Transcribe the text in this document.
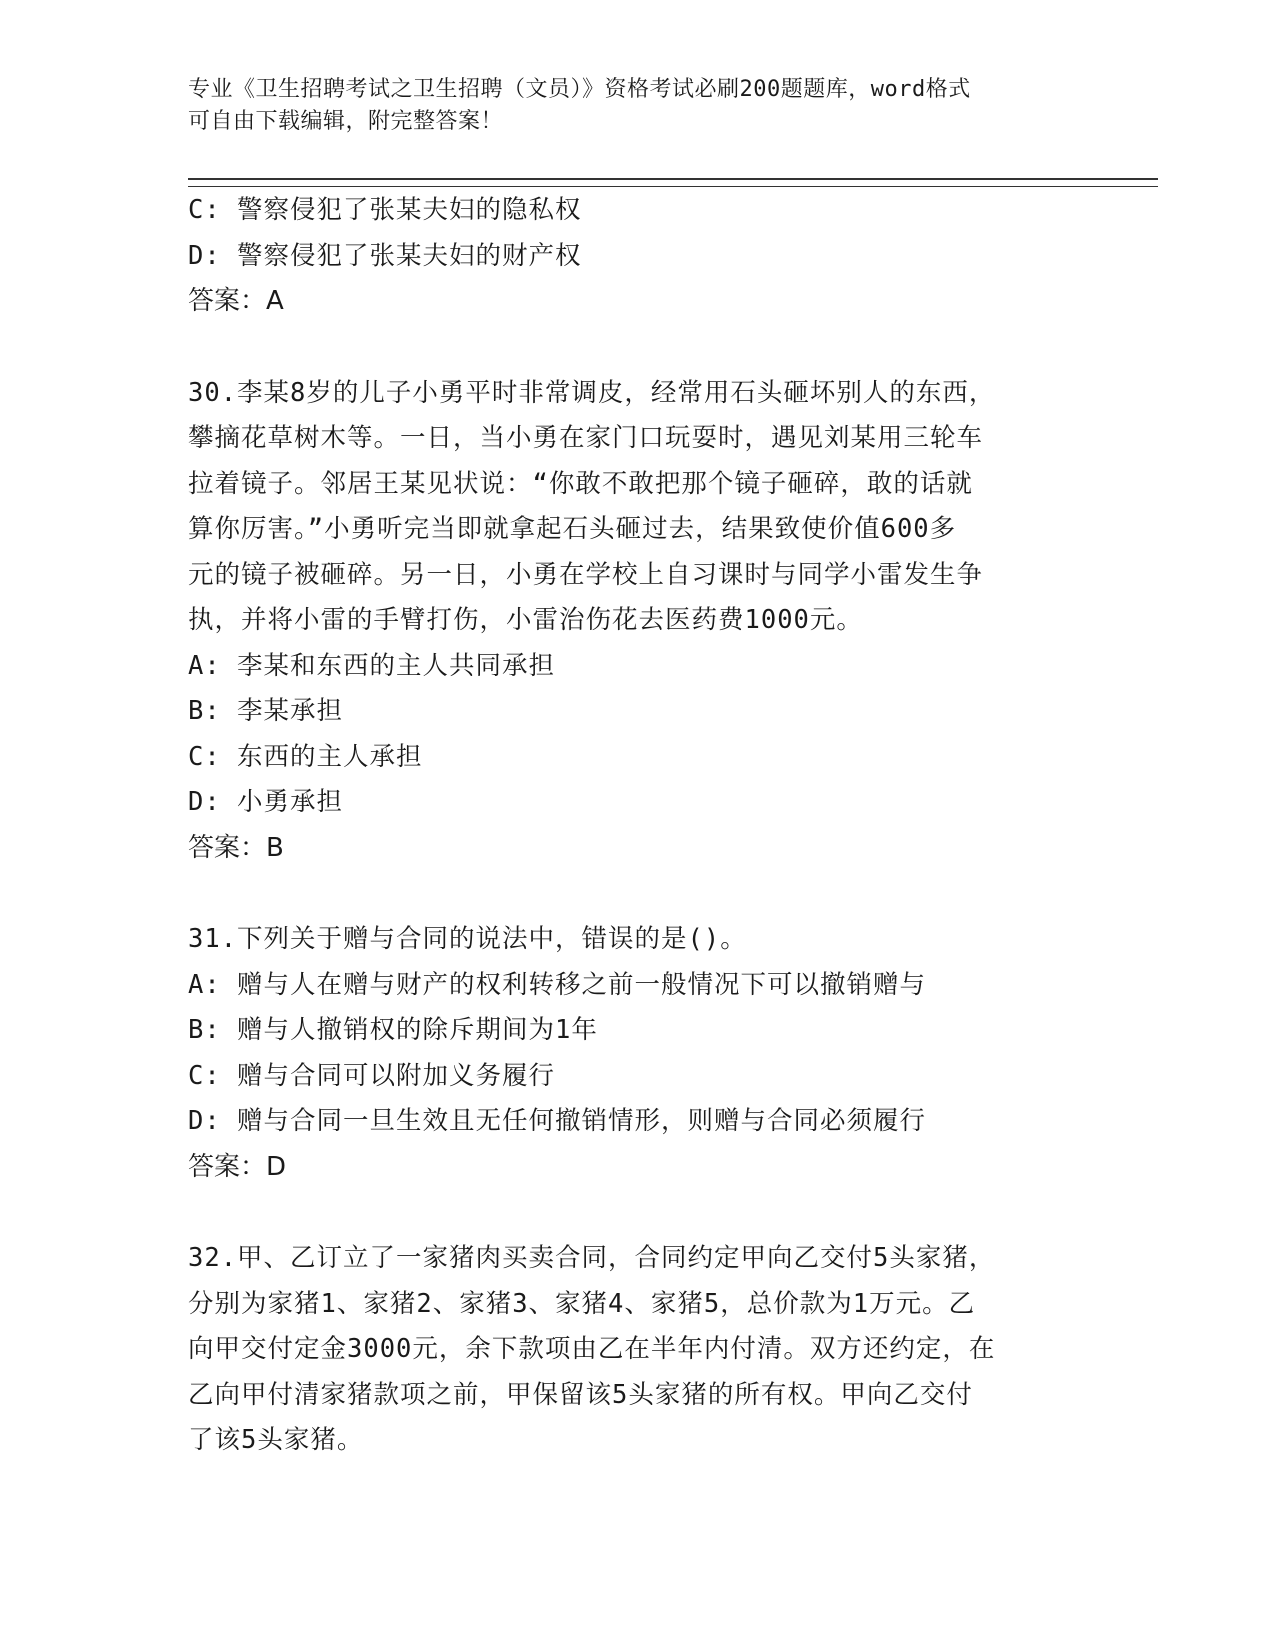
专业《卫生招聘考试之卫生招聘（文员）》资格考试必刷200题题库，word格式
可自由下载编辑，附完整答案！
C: 警察侵犯了张某夫妇的隐私权
D: 警察侵犯了张某夫妇的财产权
答案：A
30.李某8岁的儿子小勇平时非常调皮，经常用石头砸坏别人的东西，
攀摘花草树木等。一日，当小勇在家门口玩耍时，遇见刘某用三轮车
拉着镜子。邻居王某见状说：“你敢不敢把那个镜子砸碎，敢的话就
算你厉害。”小勇听完当即就拿起石头砸过去，结果致使价值600多
元的镜子被砸碎。另一日，小勇在学校上自习课时与同学小雷发生争
执，并将小雷的手臂打伤，小雷治伤花去医药费1000元。
A: 李某和东西的主人共同承担
B: 李某承担
C: 东西的主人承担
D: 小勇承担
答案：B
31.下列关于赠与合同的说法中，错误的是()。
A: 赠与人在赠与财产的权利转移之前一般情况下可以撤销赠与
B: 赠与人撤销权的除斥期间为1年
C: 赠与合同可以附加义务履行
D: 赠与合同一旦生效且无任何撤销情形，则赠与合同必须履行
答案：D
32.甲、乙订立了一家猪肉买卖合同，合同约定甲向乙交付5头家猪，
分别为家猪1、家猪2、家猪3、家猪4、家猪5，总价款为1万元。乙
向甲交付定金3000元，余下款项由乙在半年内付清。双方还约定，在
乙向甲付清家猪款项之前，甲保留该5头家猪的所有权。甲向乙交付
了该5头家猪。
